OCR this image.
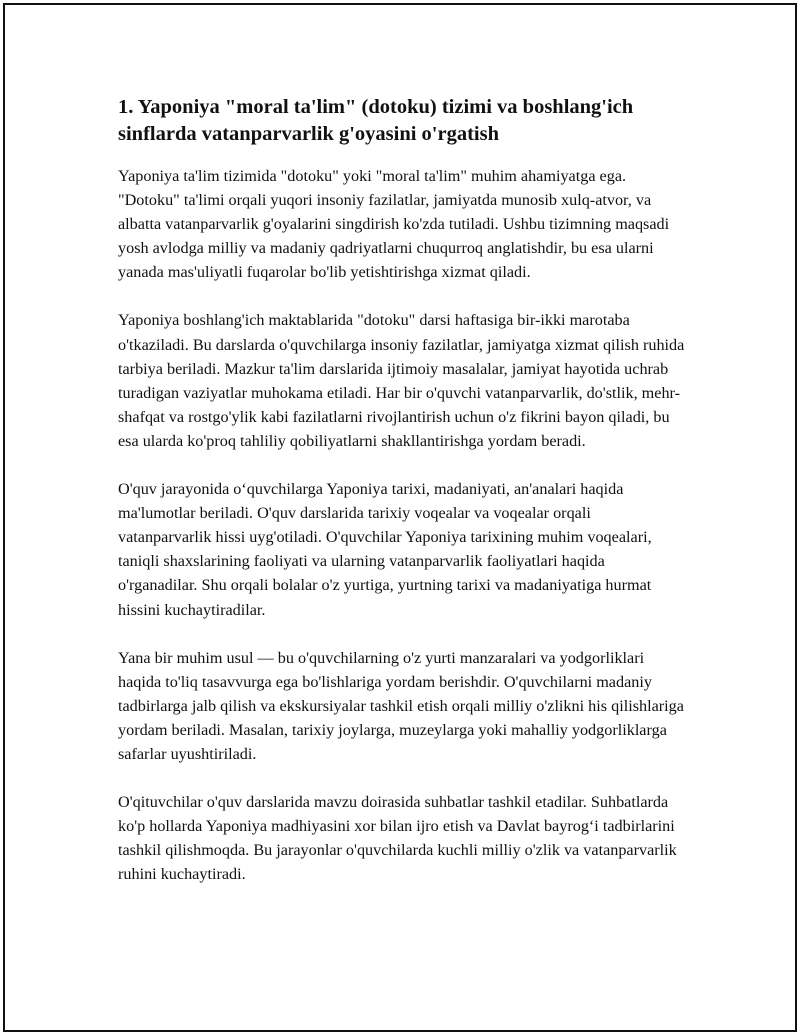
1. Yaponiya "moral ta'lim" (dotoku) tizimi va boshlang'ich sinflarda vatanparvarlik g'oyasini o'rgatish

Yaponiya ta'lim tizimida "dotoku" yoki "moral ta'lim" muhim ahamiyatga ega. "Dotoku" ta'limi orqali yuqori insoniy fazilatlar, jamiyatda munosib xulq-atvor, va albatta vatanparvarlik g'oyalarini singdirish ko'zda tutiladi. Ushbu tizimning maqsadi yosh avlodga milliy va madaniy qadriyatlarni chuqurroq anglatishdir, bu esa ularni yanada mas'uliyatli fuqarolar bo'lib yetishtirishga xizmat qiladi.

Yaponiya boshlang'ich maktablarida "dotoku" darsi haftasiga bir-ikki marotaba o'tkaziladi. Bu darslarda o'quvchilarga insoniy fazilatlar, jamiyatga xizmat qilish ruhida tarbiya beriladi. Mazkur ta'lim darslarida ijtimoiy masalalar, jamiyat hayotida uchrab turadigan vaziyatlar muhokama etiladi. Har bir o'quvchi vatanparvarlik, do'stlik, mehr-shafqat va rostgo'ylik kabi fazilatlarni rivojlantirish uchun o'z fikrini bayon qiladi, bu esa ularda ko'proq tahliliy qobiliyatlarni shakllantirishga yordam beradi.

O'quv jarayonida o‘quvchilarga Yaponiya tarixi, madaniyati, an'analari haqida ma'lumotlar beriladi. O'quv darslarida tarixiy voqealar va voqealar orqali vatanparvarlik hissi uyg'otiladi. O'quvchilar Yaponiya tarixining muhim voqealari, taniqli shaxslarining faoliyati va ularning vatanparvarlik faoliyatlari haqida o'rganadilar. Shu orqali bolalar o'z yurtiga, yurtning tarixi va madaniyatiga hurmat hissini kuchaytiradilar.

Yana bir muhim usul — bu o'quvchilarning o'z yurti manzaralari va yodgorliklari haqida to'liq tasavvurga ega bo'lishlariga yordam berishdir. O'quvchilarni madaniy tadbirlarga jalb qilish va ekskursiyalar tashkil etish orqali milliy o'zlikni his qilishlariga yordam beriladi. Masalan, tarixiy joylarga, muzeylarga yoki mahalliy yodgorliklarga safarlar uyushtiriladi.

O'qituvchilar o'quv darslarida mavzu doirasida suhbatlar tashkil etadilar. Suhbatlarda ko'p hollarda Yaponiya madhiyasini xor bilan ijro etish va Davlat bayrog‘i tadbirlarini tashkil qilishmoqda. Bu jarayonlar o'quvchilarda kuchli milliy o'zlik va vatanparvarlik ruhini kuchaytiradi.
